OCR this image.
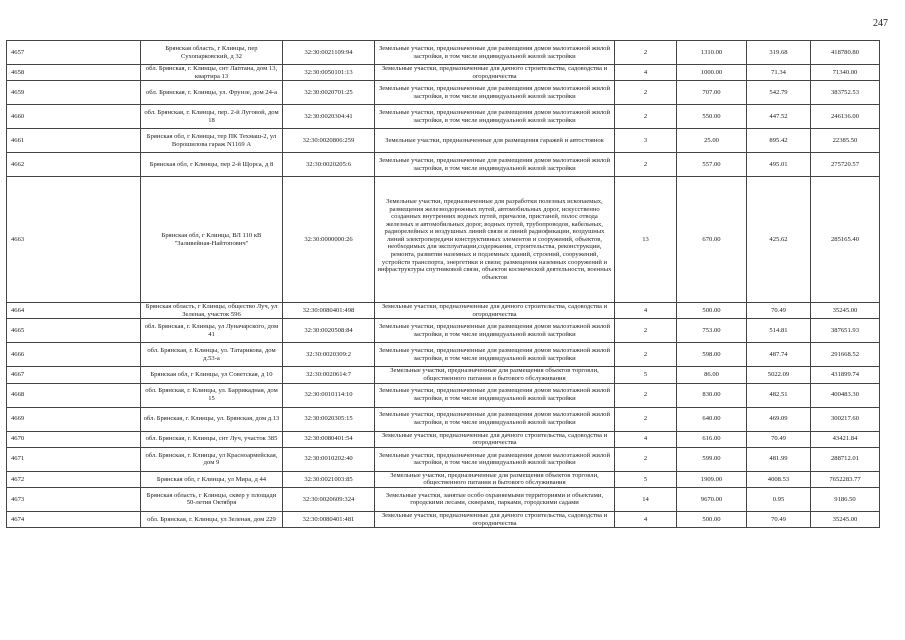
247
4657	Брянская область, г Клинцы, пер Сухопарковский, д 32	32:30:0021109:94	Земельные участки, предназначенные для размещения домов малоэтажной жилой застройки, в том числе индивидуальной жилой застройки	2	1310.00	319.68	418780.80
4658	обл. Брянская, г. Клинцы, снт Лаптана, дом 13, квартира 13	32:30:0050101:13	Земельные участки, предназначенные для дачного строительства, садоводства и огородничества	4	1000.00	71.34	71340.00
4659	обл. Брянская, г. Клинцы, ул. Фрунзе, дом 24-а	32:30:0020701:25	Земельные участки, предназначенные для размещения домов малоэтажной жилой застройки, в том числе индивидуальной жилой застройки	2	707.00	542.79	383752.53
4660	обл. Брянская, г. Клинцы, пер. 2-й Луговой, дом 18	32:30:0020304:41	Земельные участки, предназначенные для размещения домов малоэтажной жилой застройки, в том числе индивидуальной жилой застройки	2	550.00	447.52	246136.00
4661	Брянская обл, г Клинцы, тер ПК Техмаш-2, ул Ворошилова гараж N1169 А	32:30:0020806:259	Земельные участки, предназначенные для размещения гаражей и автостоянок	3	25.00	895.42	22385.50
4662	Брянская обл, г Клинцы, пер 2-й Щорса, д 8	32:30:0020205:6	Земельные участки, предназначенные для размещения домов малоэтажной жилой застройки, в том числе индивидуальной жилой застройки	2	557.00	495.01	275720.57
4663	Брянская обл, г Клинцы, ВЛ 110 кВ "Заливейная-Найтопович"	32:30:0000000:26	Земельные участки, предназначенные для разработки полезных ископаемых, размещения железнодорожных путей, автомобильных дорог, искусственно созданных внутренних водных путей, причалов, пристаней, полос отвода железных и автомобильных дорог, водных путей, трубопроводов, кабельных, радиорелейных и воздушных линий связи и линий радиофикации, воздушных линий электропередачи конструктивных элементов и сооружений, объектов, необходимых для эксплуатации,содержания, строительства, реконструкции, ремонта, развития наземных и подземных зданий, строений, сооружений, устройств транспорта, энергетики и связи; размещения наземных сооружений и инфраструктуры спутниковой связи, объектов космической деятельности, военных объектов	13	670.00	425.62	285165.40
4664	Брянская область, г Клинцы, общество Луч, ул Зеленая, участок 596	32:30:0080401:498	Земельные участки, предназначенные для дачного строительства, садоводства и огородничества	4	500.00	70.49	35245.00
4665	обл. Брянская, г. Клинцы, ул Луначарского, дом 41	32:30:0020508:84	Земельные участки, предназначенные для размещения домов малоэтажной жилой застройки, в том числе индивидуальной жилой застройки	2	753.00	514.81	387651.93
4666	обл. Брянская, г. Клинцы, ул. Татарикова, дом д.53-а	32:30:0020309:2	Земельные участки, предназначенные для размещения домов малоэтажной жилой застройки, в том числе индивидуальной жилой застройки	2	598.00	487.74	291668.52
4667	Брянская обл, г Клинцы, ул Советская, д 10	32:30:0020614:7	Земельные участки, предназначенные для размещения объектов торговли, общественного питания и бытового обслуживания	5	86.00	5022.09	431899.74
4668	обл. Брянская, г. Клинцы, ул. Баррикадная, дом 15	32:30:0010114:10	Земельные участки, предназначенные для размещения домов малоэтажной жилой застройки, в том числе индивидуальной жилой застройки	2	830.00	482.51	400483.30
4669	обл. Брянская, г. Клинцы, ул. Брянская, дом д.13	32:30:0020305:15	Земельные участки, предназначенные для размещения домов малоэтажной жилой застройки, в том числе индивидуальной жилой застройки	2	640.00	469.09	300217.60
4670	обл. Брянская, г. Клинцы, снт Луч, участок 385	32:30:0080401:54	Земельные участки, предназначенные для дачного строительства, садоводства и огородничества	4	616.00	70.49	43421.84
4671	обл. Брянская, г. Клинцы, ул Красноармейская, дом 9	32:30:0010202:40	Земельные участки, предназначенные для размещения домов малоэтажной жилой застройки, в том числе индивидуальной жилой застройки	2	599.00	481.99	288712.01
4672	Брянская обл, г Клинцы, ул Мира, д 44	32:30:0021003:85	Земельные участки, предназначенные для размещения объектов торговли, общественного питания и бытового обслуживания	5	1909.00	4008.53	7652283.77
4673	Брянская область, г Клинцы, сквер у площади 50-летия Октября	32:30:0020609:324	Земельные участки, занятые особо охраняемыми территориями и объектами, городскими лесами, скверами, парками, городскими садами	14	9670.00	0.95	9186.50
4674	обл. Брянская, г. Клинцы, ул Зеленая, дом 229	32:30:0080401:481	Земельные участки, предназначенные для дачного строительства, садоводства и огородничества	4	500.00	70.49	35245.00
